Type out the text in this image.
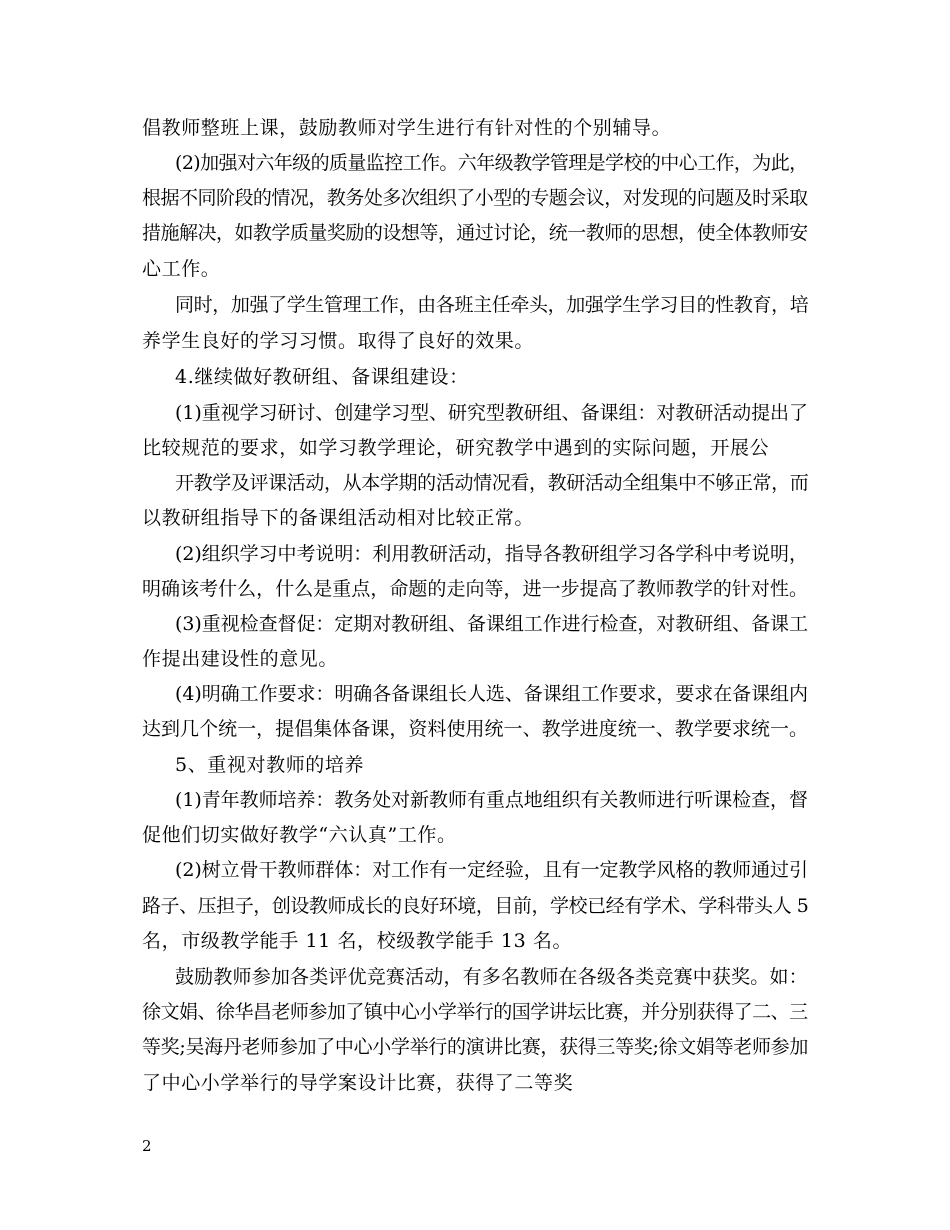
倡教师整班上课，鼓励教师对学生进行有针对性的个别辅导。
(2)加强对六年级的质量监控工作。六年级教学管理是学校的中心工作，为此，
根据不同阶段的情况，教务处多次组织了小型的专题会议，对发现的问题及时采取
措施解决，如教学质量奖励的设想等，通过讨论，统一教师的思想，使全体教师安
心工作。
同时，加强了学生管理工作，由各班主任牵头，加强学生学习目的性教育，培
养学生良好的学习习惯。取得了良好的效果。
4.继续做好教研组、备课组建设：
(1)重视学习研讨、创建学习型、研究型教研组、备课组：对教研活动提出了
比较规范的要求，如学习教学理论，研究教学中遇到的实际问题，开展公
开教学及评课活动，从本学期的活动情况看，教研活动全组集中不够正常，而
以教研组指导下的备课组活动相对比较正常。
(2)组织学习中考说明：利用教研活动，指导各教研组学习各学科中考说明，
明确该考什么，什么是重点，命题的走向等，进一步提高了教师教学的针对性。
(3)重视检查督促：定期对教研组、备课组工作进行检查，对教研组、备课工
作提出建设性的意见。
(4)明确工作要求：明确各备课组长人选、备课组工作要求，要求在备课组内
达到几个统一，提倡集体备课，资料使用统一、教学进度统一、教学要求统一。
5、重视对教师的培养
(1)青年教师培养：教务处对新教师有重点地组织有关教师进行听课检查，督
促他们切实做好教学“六认真”工作。
(2)树立骨干教师群体：对工作有一定经验，且有一定教学风格的教师通过引
路子、压担子，创设教师成长的良好环境，目前，学校已经有学术、学科带头人 5
名，市级教学能手 11 名，校级教学能手 13 名。
鼓励教师参加各类评优竞赛活动，有多名教师在各级各类竞赛中获奖。如：
徐文娟、徐华昌老师参加了镇中心小学举行的国学讲坛比赛，并分别获得了二、三
等奖;吴海丹老师参加了中心小学举行的演讲比赛，获得三等奖;徐文娟等老师参加
了中心小学举行的导学案设计比赛，获得了二等奖
2
